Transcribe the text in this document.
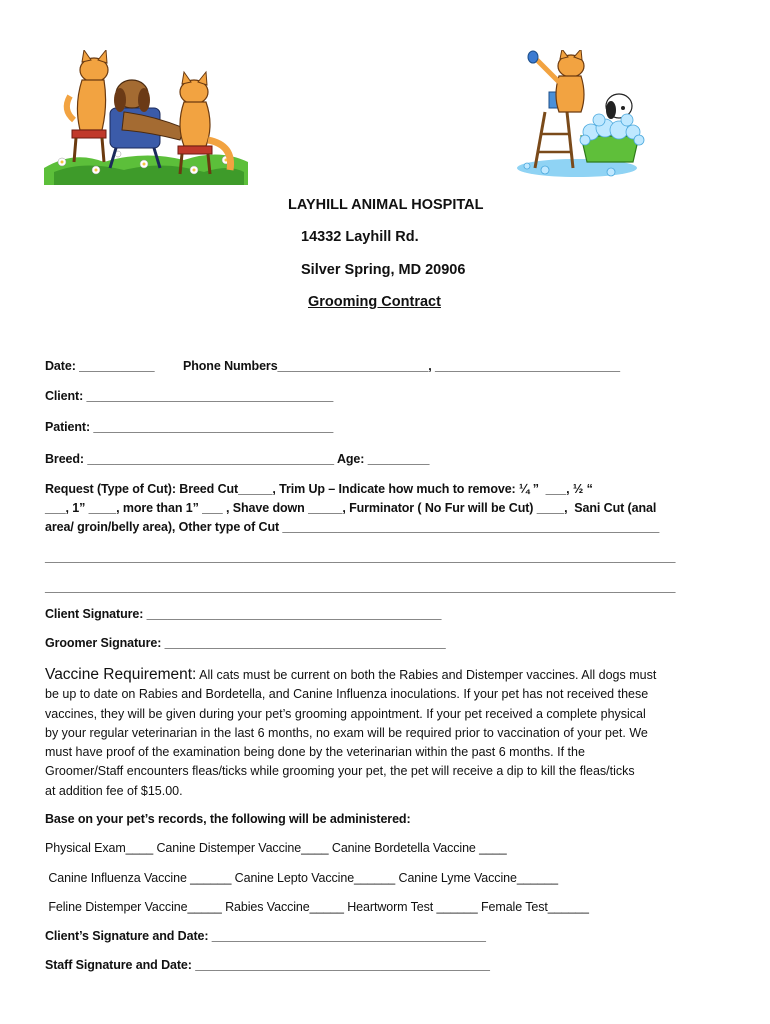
LAYHILL ANIMAL HOSPITAL
14332 Layhill Rd.
Silver Spring, MD 20906
Grooming Contract
Date: ___________ Phone Numbers______________________, ___________________________
Client: ____________________________________
Patient: ___________________________________
Breed: ____________________________________ Age: _________
Request (Type of Cut): Breed Cut_____, Trim Up – Indicate how much to remove: ¼ ”  ___, ½ “
___, 1” ____, more than 1” ___ , Shave down _____, Furminator ( No Fur will be Cut) ____,  Sani Cut (anal
area/ groin/belly area), Other type of Cut _______________________________________________________
____________________________________________________________________________________________
____________________________________________________________________________________________
Client Signature: ___________________________________________
Groomer Signature: _________________________________________
Vaccine Requirement: All cats must be current on both the Rabies and Distemper vaccines. All dogs must
be up to date on Rabies and Bordetella, and Canine Influenza inoculations. If your pet has not received these
vaccines, they will be given during your pet’s grooming appointment. If your pet received a complete physical
by your regular veterinarian in the last 6 months, no exam will be required prior to vaccination of your pet. We
must have proof of the examination being done by the veterinarian within the past 6 months. If the
Groomer/Staff encounters fleas/ticks while grooming your pet, the pet will receive a dip to kill the fleas/ticks
at addition fee of $15.00.
Base on your pet’s records, the following will be administered:
Physical Exam____ Canine Distemper Vaccine____ Canine Bordetella Vaccine ____
Canine Influenza Vaccine ______ Canine Lepto Vaccine______ Canine Lyme Vaccine______
Feline Distemper Vaccine_____ Rabies Vaccine_____ Heartworm Test ______ Female Test______
Client’s Signature and Date: ________________________________________
Staff Signature and Date: ___________________________________________
